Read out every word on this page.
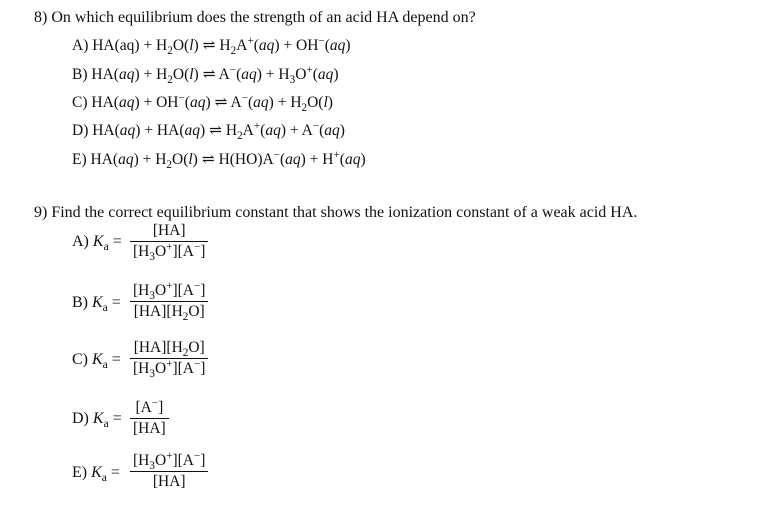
8) On which equilibrium does the strength of an acid HA depend on?
A) $HA(aq) + H_2O(l)$ ⇌ $H_2A^+(aq) + OH^-(aq)$
B) $HA(aq) + H_2O(l)$ ⇌ $A^-(aq) + H_3O^+(aq)$
C) HA(aq) + OH−(aq) ⇌ $A^-(aq) + H_2O(l)$
D) HA(aq) + HA(aq) ⇌ $H_2A^+(aq) + A^-(aq)$
E) $HA(aq) + H_2O(l)$ ⇌ H(HO)A−(aq) + H+(aq)
9) Find the correct equilibrium constant that shows the ionization constant of a weak acid HA.
A) $K_a$ =
[HA]
$[H_3O^+][A^-]$
B) $K_a$ =
$[H_3O^+][A^-]$
$[HA][H_2O]$
C) $K_a$ =
$[HA][H_2O]$
$[H_3O^+][A^-]$
D) $K_a$ =
[A−]
[HA]
E) $K_a$ =
$[H_3O^+][A^-]$
[HA]
